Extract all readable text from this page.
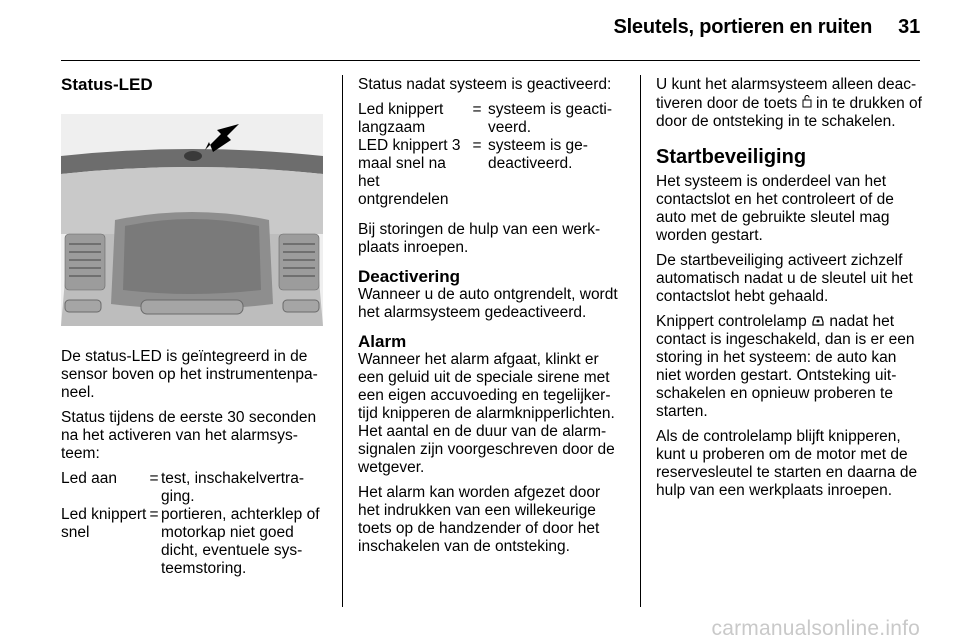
Sleutels, portieren en ruiten 31
Status-LED

De status-LED is geïntegreerd in de sensor boven op het instrumentenpa-neel.

Status tijdens de eerste 30 seconden na het activeren van het alarmsys-teem:

Led aan	=	test, inschakelvertra-ging.
Led knippert snel	=	portieren, achterklep of motorkap niet goed dicht, eventuele sys-teemstoring.

Status nadat systeem is geactiveerd:

Led knippert langzaam	=	systeem is geacti-veerd.
LED knippert 3 maal snel na het ontgrendelen	=	systeem is ge-deactiveerd.

Bij storingen de hulp van een werk-plaats inroepen.

Deactivering

Wanneer u de auto ontgrendelt, wordt het alarmsysteem gedeactiveerd.

Alarm

Wanneer het alarm afgaat, klinkt er een geluid uit de speciale sirene met een eigen accuvoeding en tegelijker-tijd knipperen de alarmknipperlichten. Het aantal en de duur van de alarm-signalen zijn voorgeschreven door de wetgever.

Het alarm kan worden afgezet door het indrukken van een willekeurige toets op de handzender of door het inschakelen van de ontsteking.

U kunt het alarmsysteem alleen deac-tiveren door de toets in te drukken of door de ontsteking in te schakelen.

Startbeveiliging

Het systeem is onderdeel van het contactslot en het controleert of de auto met de gebruikte sleutel mag worden gestart.

De startbeveiliging activeert zichzelf automatisch nadat u de sleutel uit het contactslot hebt gehaald.

Knippert controlelamp nadat het contact is ingeschakeld, dan is er een storing in het systeem: de auto kan niet worden gestart. Ontsteking uit-schakelen en opnieuw proberen te starten.

Als de controlelamp blijft knipperen, kunt u proberen om de motor met de reservesleutel te starten en daarna de hulp van een werkplaats inroepen.

carmanualsonline.info
